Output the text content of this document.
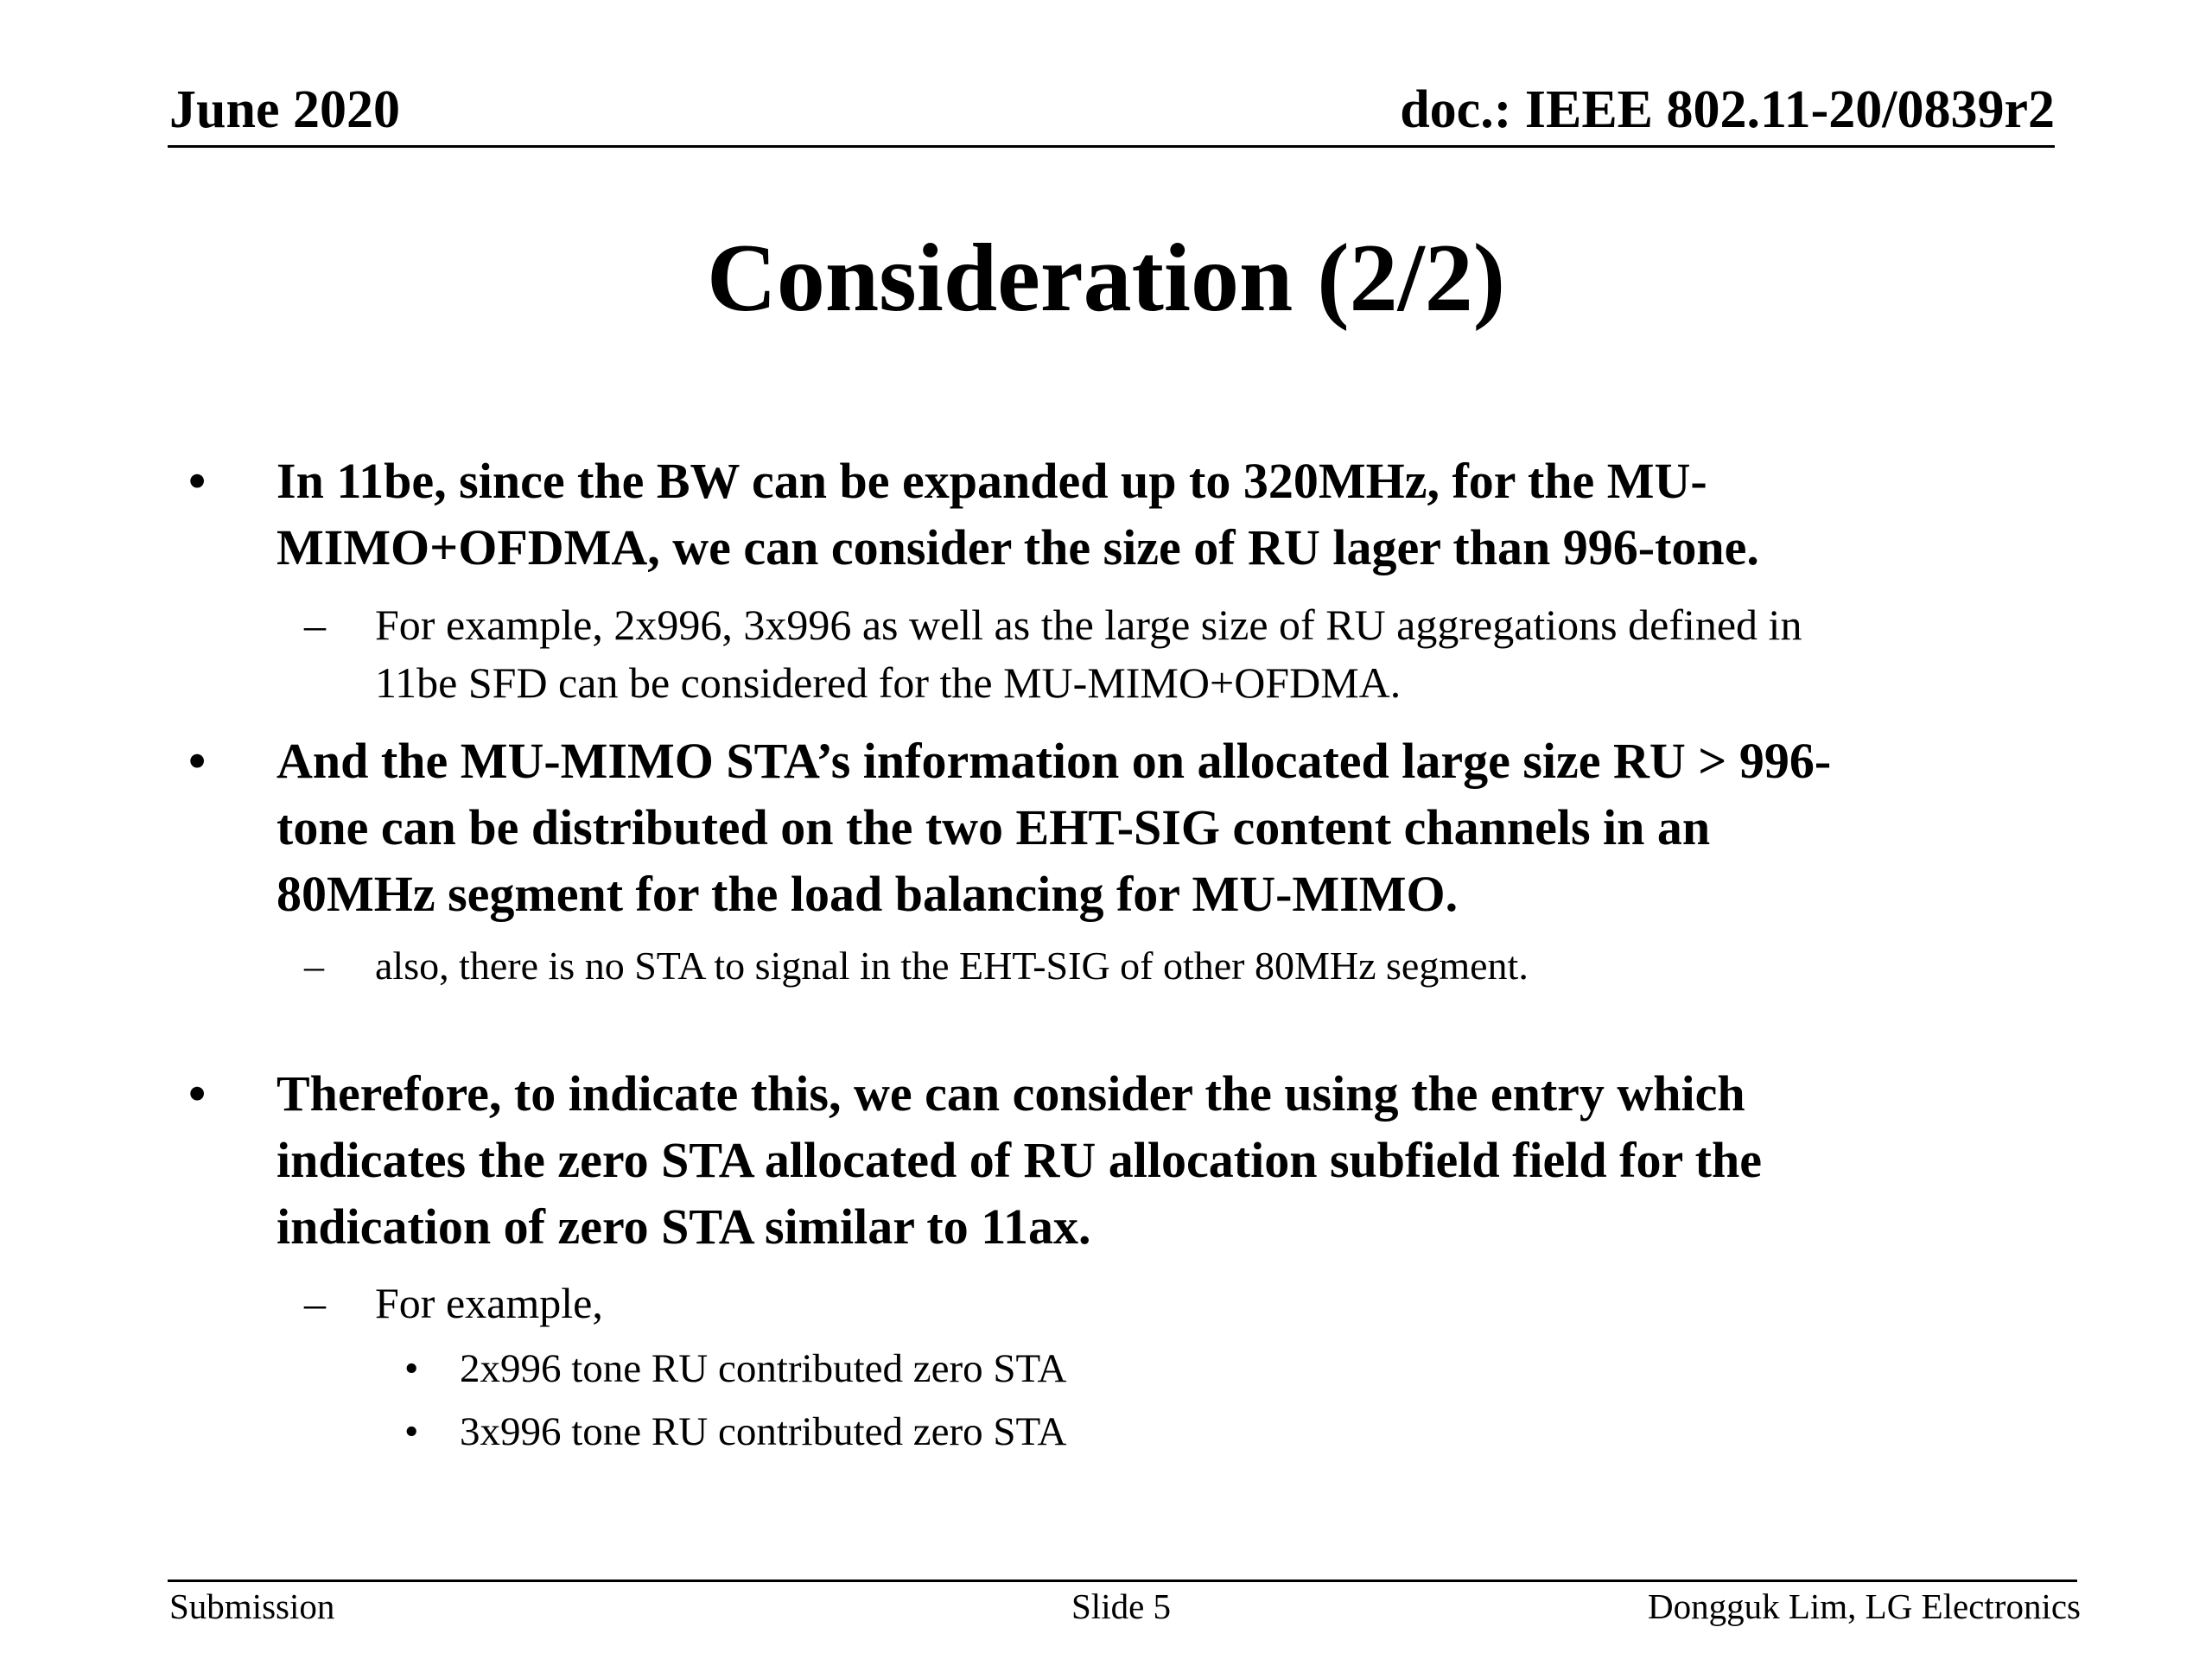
June 2020	doc.: IEEE 802.11-20/0839r2
Consideration (2/2)
• In 11be, since the BW can be expanded up to 320MHz, for the MU-
MIMO+OFDMA, we can consider the size of RU lager than 996-tone.
– For example, 2x996, 3x996 as well as the large size of RU aggregations defined in
11be SFD can be considered for the MU-MIMO+OFDMA.
• And the MU-MIMO STA’s information on allocated large size RU > 996-
tone can be distributed on the two EHT-SIG content channels in an
80MHz segment for the load balancing for MU-MIMO.
– also, there is no STA to signal in the EHT-SIG of other 80MHz segment.
• Therefore, to indicate this, we can consider the using the entry which
indicates the zero STA allocated of RU allocation subfield field for the
indication of zero STA similar to 11ax.
– For example,
• 2x996 tone RU contributed zero STA
• 3x996 tone RU contributed zero STA
Submission	Slide 5	Dongguk Lim, LG Electronics
